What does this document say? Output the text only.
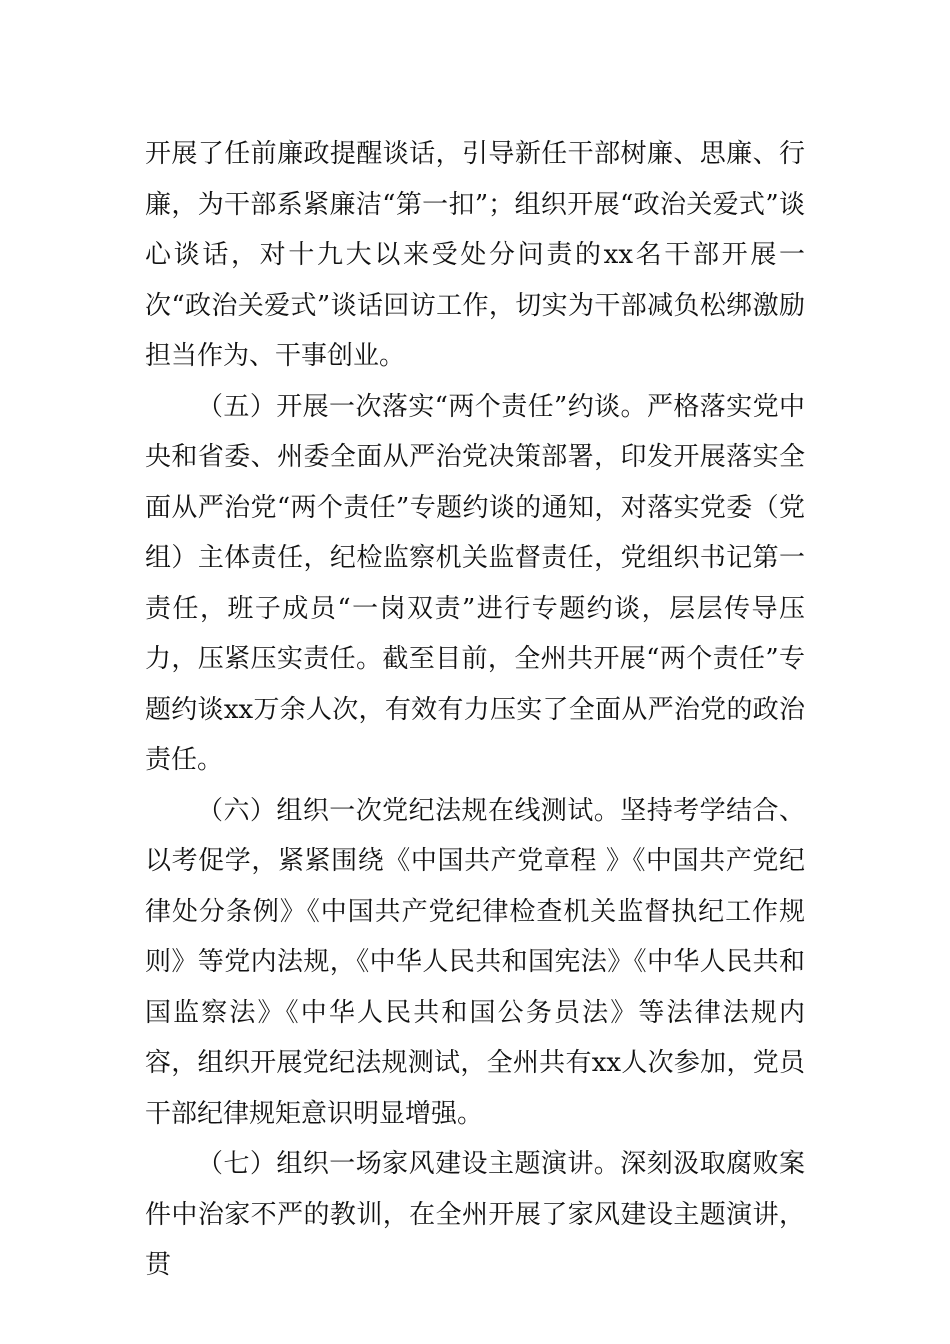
开展了任前廉政提醒谈话，引导新任干部树廉、思廉、行廉，为干部系紧廉洁“第一扣”；组织开展“政治关爱式”谈心谈话，对十九大以来受处分问责的xx名干部开展一次“政治关爱式”谈话回访工作，切实为干部减负松绑激励担当作为、干事创业。

（五）开展一次落实“两个责任”约谈。严格落实党中央和省委、州委全面从严治党决策部署，印发开展落实全面从严治党“两个责任”专题约谈的通知，对落实党委（党组）主体责任，纪检监察机关监督责任，党组织书记第一责任，班子成员“一岗双责”进行专题约谈，层层传导压力，压紧压实责任。截至目前，全州共开展“两个责任”专题约谈xx万余人次，有效有力压实了全面从严治党的政治责任。

（六）组织一次党纪法规在线测试。坚持考学结合、以考促学，紧紧围绕《中国共产党章程 》《中国共产党纪律处分条例》《中国共产党纪律检查机关监督执纪工作规则》等党内法规，《中华人民共和国宪法》《中华人民共和国监察法》《中华人民共和国公务员法》等法律法规内容，组织开展党纪法规测试，全州共有xx人次参加，党员干部纪律规矩意识明显增强。

（七）组织一场家风建设主题演讲。深刻汲取腐败案件中治家不严的教训，在全州开展了家风建设主题演讲，贯
